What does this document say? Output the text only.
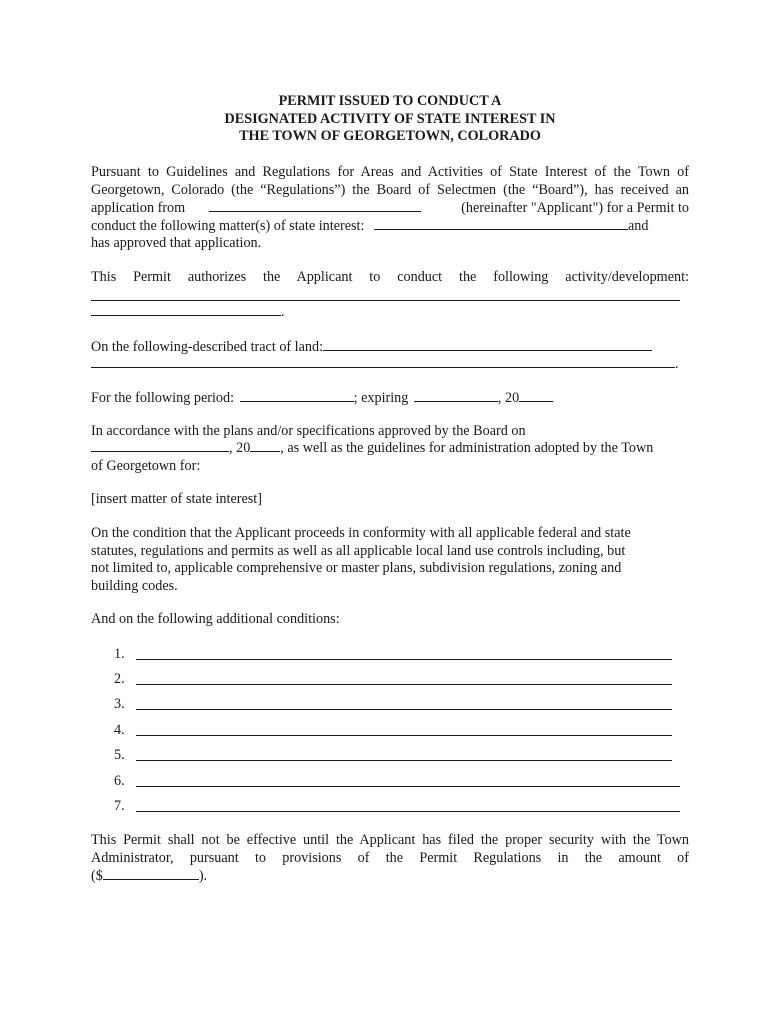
PERMIT ISSUED TO CONDUCT A
DESIGNATED ACTIVITY OF STATE INTEREST IN
THE TOWN OF GEORGETOWN, COLORADO
Pursuant to Guidelines and Regulations for Areas and Activities of State Interest of the Town of
Georgetown, Colorado (the “Regulations”) the Board of Selectmen (the “Board”), has received an
application from	(hereinafter "Applicant") for a Permit to
conduct the following matter(s) of state interest:	and
has approved that application.
This Permit authorizes the Applicant to conduct the following activity/development:
.
On the following-described tract of land:
.
For the following period:	; expiring	, 20
In accordance with the plans and/or specifications approved by the Board on
, 20 , as well as the guidelines for administration adopted by the Town
of Georgetown for:
[insert matter of state interest]
On the condition that the Applicant proceeds in conformity with all applicable federal and state
statutes, regulations and permits as well as all applicable local land use controls including, but
not limited to, applicable comprehensive or master plans, subdivision regulations, zoning and
building codes.
And on the following additional conditions:
1.
2.
3.
4.
5.
6.
7.
This Permit shall not be effective until the Applicant has filed the proper security with the Town
Administrator, pursuant to provisions of the Permit Regulations in the amount of
($	).
